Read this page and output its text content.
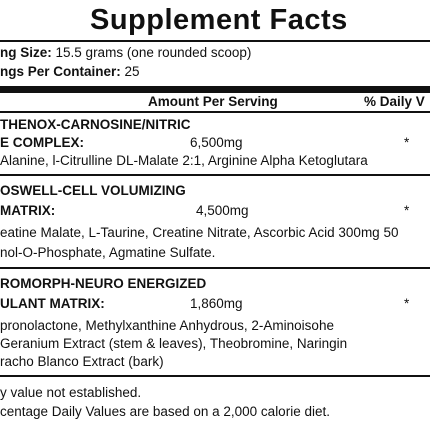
Supplement Facts
ng Size: 15.5 grams (one rounded scoop)
ngs Per Container: 25
Amount Per Serving	% Daily V
THENOX-CARNOSINE/NITRIC
E COMPLEX:	6,500mg	*
Alanine, l-Citrulline DL-Malate 2:1, Arginine Alpha Ketoglutara
OSWELL-CELL VOLUMIZING
MATRIX:	4,500mg	*
eatine Malate, L-Taurine, Creatine Nitrate, Ascorbic Acid 300mg 50
nol-O-Phosphate, Agmatine Sulfate.
ROMORPH-NEURO ENERGIZED
ULANT MATRIX:	1,860mg	*
pronolactone, Methylxanthine Anhydrous, 2-Aminoisohe
Geranium Extract (stem & leaves), Theobromine, Naringin
racho Blanco Extract (bark)
y value not established.
centage Daily Values are based on a 2,000 calorie diet.
